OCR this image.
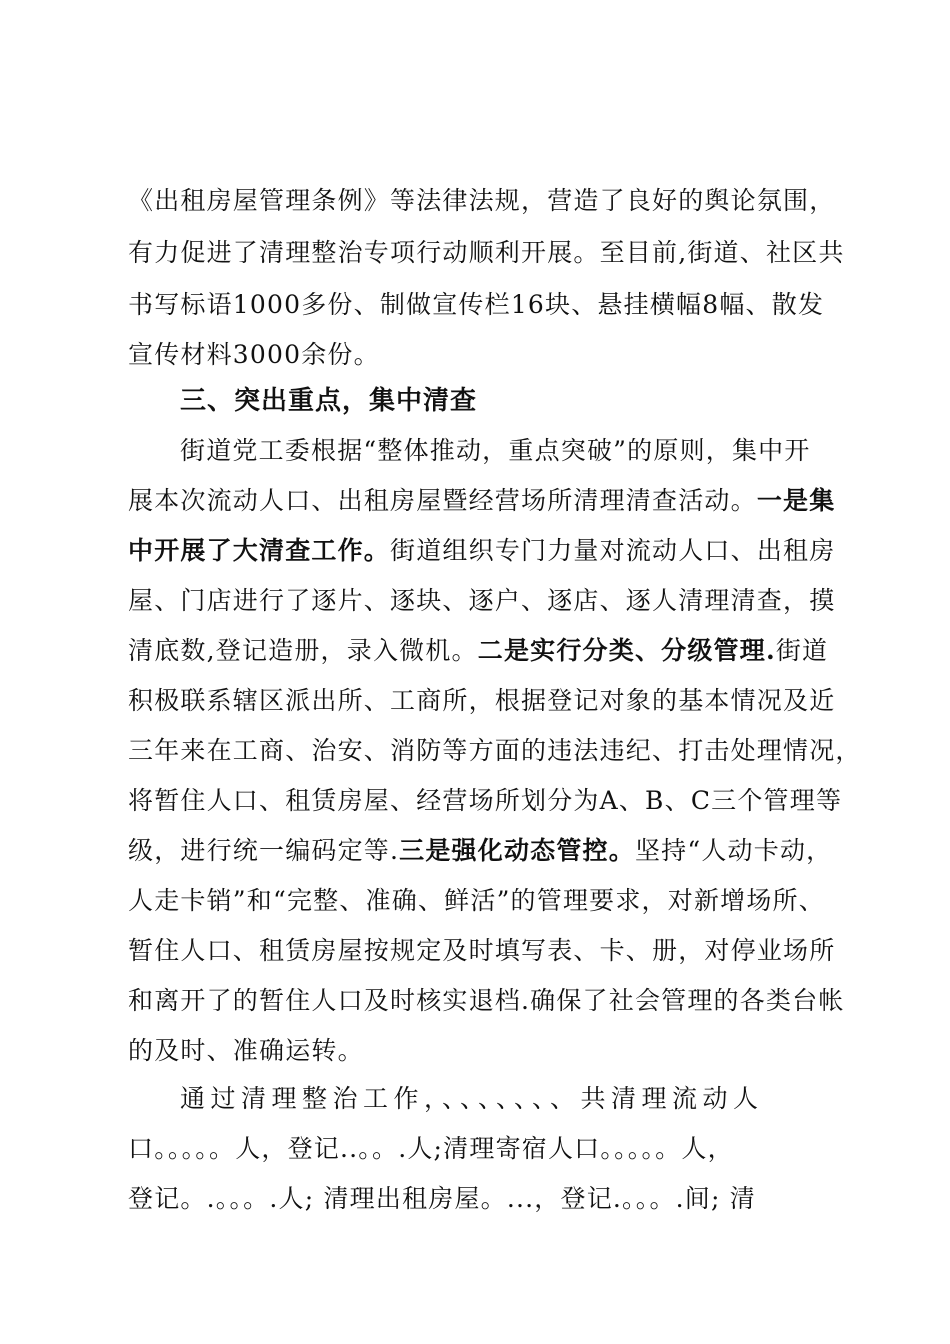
《出租房屋管理条例》等法律法规，营造了良好的舆论氛围，
有力促进了清理整治专项行动顺利开展。至目前,街道、社区共
书写标语1000多份、制做宣传栏16块、悬挂横幅8幅、散发
宣传材料3000余份。
三、突出重点，集中清查
街道党工委根据“整体推动，重点突破”的原则，集中开
展本次流动人口、出租房屋暨经营场所清理清查活动。一是集
中开展了大清查工作。街道组织专门力量对流动人口、出租房
屋、门店进行了逐片、逐块、逐户、逐店、逐人清理清查，摸
清底数,登记造册，录入微机。二是实行分类、分级管理.街道
积极联系辖区派出所、工商所，根据登记对象的基本情况及近
三年来在工商、治安、消防等方面的违法违纪、打击处理情况，
将暂住人口、租赁房屋、经营场所划分为A、B、C三个管理等
级，进行统一编码定等.三是强化动态管控。坚持“人动卡动，
人走卡销”和“完整、准确、鲜活”的管理要求，对新增场所、
暂住人口、租赁房屋按规定及时填写表、卡、册，对停业场所
和离开了的暂住人口及时核实退档.确保了社会管理的各类台帐
的及时、准确运转。
通过清理整治工作，、、、、、、、共清理流动人
口。。。。。人，登记..。。.人;清理寄宿人口。。。。。人，
登记。.。。。.人; 清理出租房屋。...，登记.。。。.间; 清
